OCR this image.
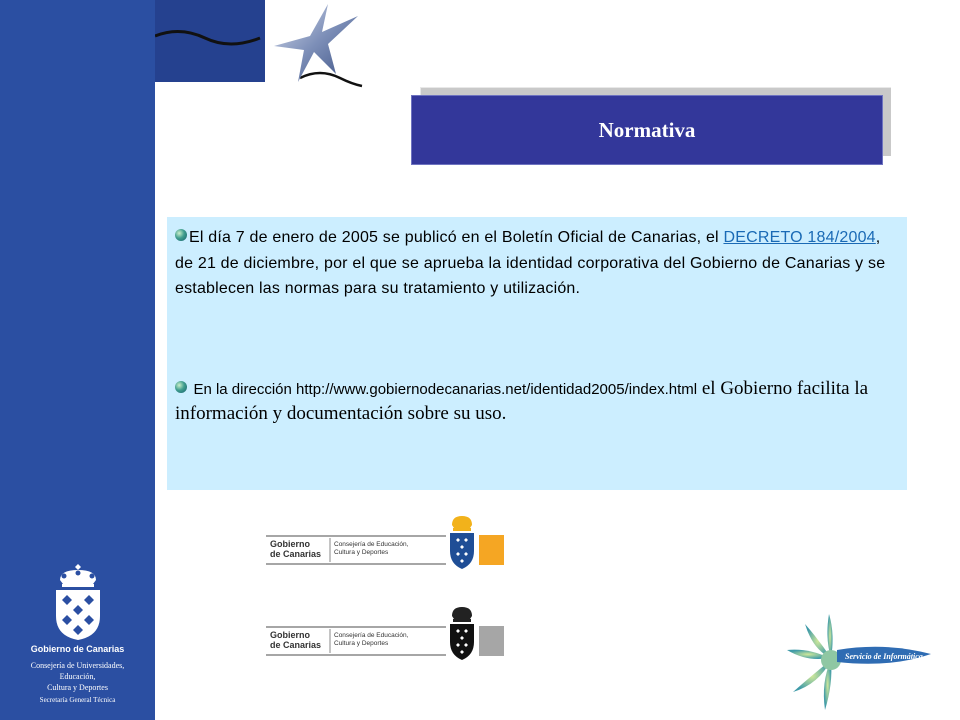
Gobierno de Canarias
Consejería de Universidades,
Educación,
Cultura y Deportes
Secretaría General Técnica
Normativa
El día 7 de enero de 2005 se publicó en el Boletín Oficial de Canarias, el DECRETO 184/2004, de 21 de diciembre, por el que se aprueba la identidad corporativa del Gobierno de Canarias y se establecen las normas para su tratamiento y utilización.
En la dirección http://www.gobiernodecanarias.net/identidad2005/index.html el Gobierno facilita la información y documentación sobre su uso.
Gobierno
de Canarias
Consejería de Educación,
Cultura y Deportes
Gobierno
de Canarias
Consejería de Educación,
Cultura y Deportes
Servicio de Informática
